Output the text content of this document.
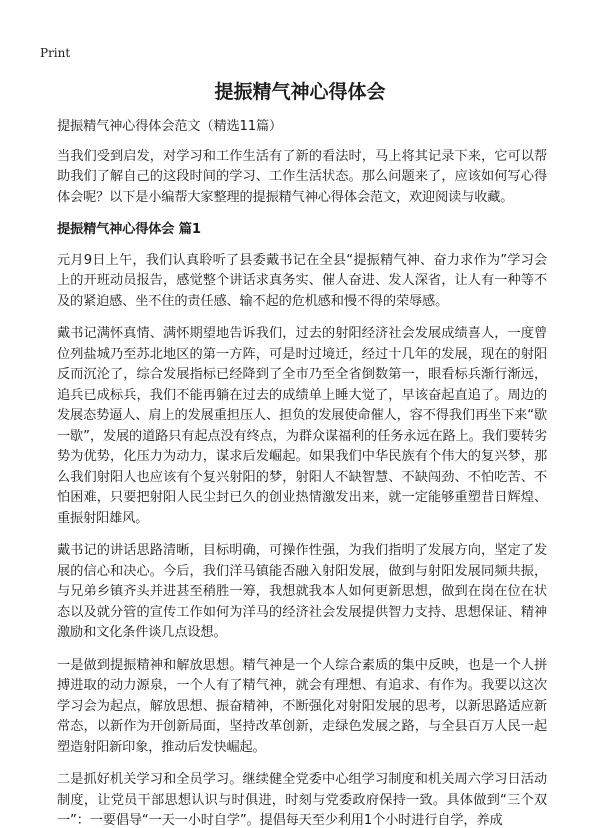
Print
提振精气神心得体会

提振精气神心得体会范文（精选11篇）

当我们受到启发，对学习和工作生活有了新的看法时，马上将其记录下来，它可以帮助我们了解自己的这段时间的学习、工作生活状态。那么问题来了，应该如何写心得体会呢？以下是小编帮大家整理的提振精气神心得体会范文，欢迎阅读与收藏。

提振精气神心得体会 篇1

元月9日上午，我们认真聆听了县委戴书记在全县“提振精气神、奋力求作为”学习会上的开班动员报告，感觉整个讲话求真务实、催人奋进、发人深省，让人有一种等不及的紧迫感、坐不住的责任感、输不起的危机感和慢不得的荣辱感。

戴书记满怀真情、满怀期望地告诉我们，过去的射阳经济社会发展成绩喜人，一度曾位列盐城乃至苏北地区的第一方阵，可是时过境迁，经过十几年的发展，现在的射阳反而沉沦了，综合发展指标已经降到了全市乃至全省倒数第一，眼看标兵渐行渐远，追兵已成标兵，我们不能再躺在过去的成绩单上睡大觉了，早该奋起直追了。周边的发展态势逼人、肩上的发展重担压人、担负的发展使命催人，容不得我们再坐下来“歇一歇”，发展的道路只有起点没有终点，为群众谋福利的任务永远在路上。我们要转劣势为优势，化压力为动力，谋求后发崛起。如果我们中华民族有个伟大的复兴梦，那么我们射阳人也应该有个复兴射阳的梦，射阳人不缺智慧、不缺闯劲、不怕吃苦、不怕困难，只要把射阳人民尘封已久的创业热情激发出来，就一定能够重塑昔日辉煌、重振射阳雄风。

戴书记的讲话思路清晰，目标明确，可操作性强，为我们指明了发展方向，坚定了发展的信心和决心。今后，我们洋马镇能否融入射阳发展，做到与射阳发展同频共振，与兄弟乡镇齐头并进甚至稍胜一筹，我想就我本人如何更新思想，做到在岗在位在状态以及就分管的宣传工作如何为洋马的经济社会发展提供智力支持、思想保证、精神激励和文化条件谈几点设想。

一是做到提振精神和解放思想。精气神是一个人综合素质的集中反映，也是一个人拼搏进取的动力源泉，一个人有了精气神，就会有理想、有追求、有作为。我要以这次学习会为起点，解放思想、振奋精神，不断强化对射阳发展的思考，以新思路适应新常态，以新作为开创新局面，坚持改革创新，走绿色发展之路，与全县百万人民一起塑造射阳新印象，推动后发快崛起。

二是抓好机关学习和全员学习。继续健全党委中心组学习制度和机关周六学习日活动制度，让党员干部思想认识与时俱进，时刻与党委政府保持一致。具体做到“三个双一”：一要倡导“一天一小时自学”。提倡每天至少利用1个小时进行自学，养成
